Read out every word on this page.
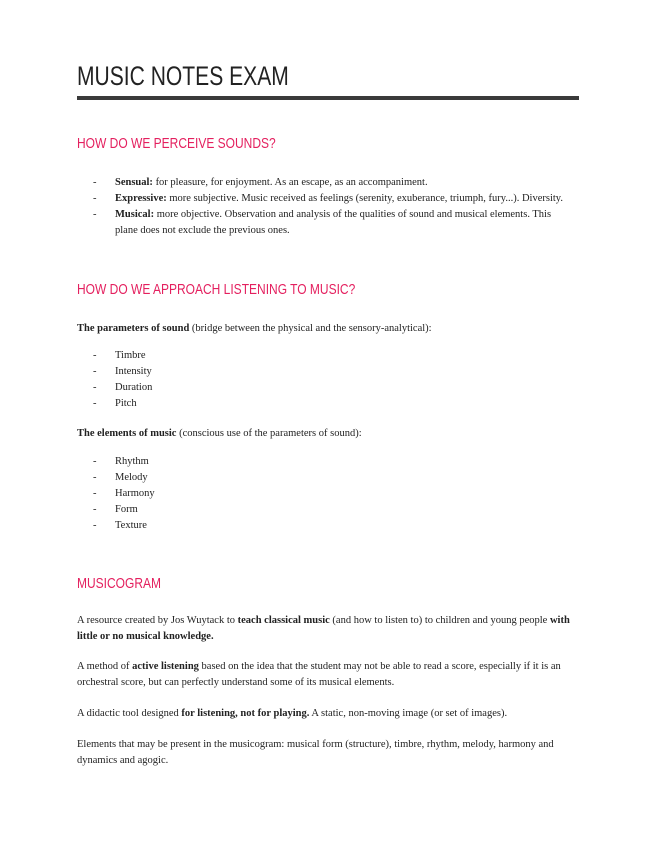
MUSIC NOTES EXAM
HOW DO WE PERCEIVE SOUNDS?
- Sensual: for pleasure, for enjoyment. As an escape, as an accompaniment.
- Expressive: more subjective. Music received as feelings (serenity, exuberance, triumph, fury...). Diversity.
- Musical: more objective. Observation and analysis of the qualities of sound and musical elements. This plane does not exclude the previous ones.
HOW DO WE APPROACH LISTENING TO MUSIC?

The parameters of sound (bridge between the physical and the sensory-analytical):

- Timbre
- Intensity
- Duration
- Pitch

The elements of music (conscious use of the parameters of sound):

- Rhythm
- Melody
- Harmony
- Form
- Texture
MUSICOGRAM

A resource created by Jos Wuytack to teach classical music (and how to listen to) to children and young people with little or no musical knowledge.

A method of active listening based on the idea that the student may not be able to read a score, especially if it is an orchestral score, but can perfectly understand some of its musical elements.

A didactic tool designed for listening, not for playing. A static, non-moving image (or set of images).

Elements that may be present in the musicogram: musical form (structure), timbre, rhythm, melody, harmony and dynamics and agogic.
